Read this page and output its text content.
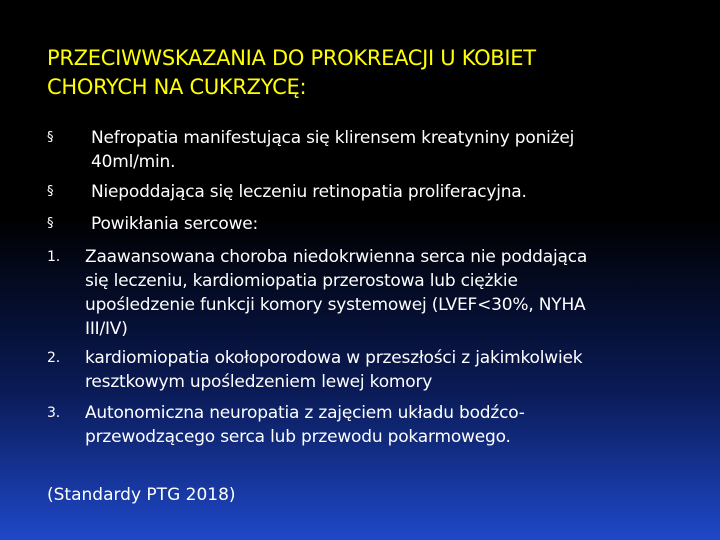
PRZECIWWSKAZANIA DO PROKREACJI U KOBIET
CHORYCH NA CUKRZYCĘ:
§ Nefropatia manifestująca się klirensem kreatyniny poniżej
40ml/min.
§ Niepoddająca się leczeniu retinopatia proliferacyjna.
§ Powikłania sercowe:
1. Zaawansowana choroba niedokrwienna serca nie poddająca
się leczeniu, kardiomiopatia przerostowa lub ciężkie
upośledzenie funkcji komory systemowej (LVEF<30%, NYHA
III/IV)
2. kardiomiopatia okołoporodowa w przeszłości z jakimkolwiek
resztkowym upośledzeniem lewej komory
3. Autonomiczna neuropatia z zajęciem układu bodźco-
przewodzącego serca lub przewodu pokarmowego.
(Standardy PTG 2018)
